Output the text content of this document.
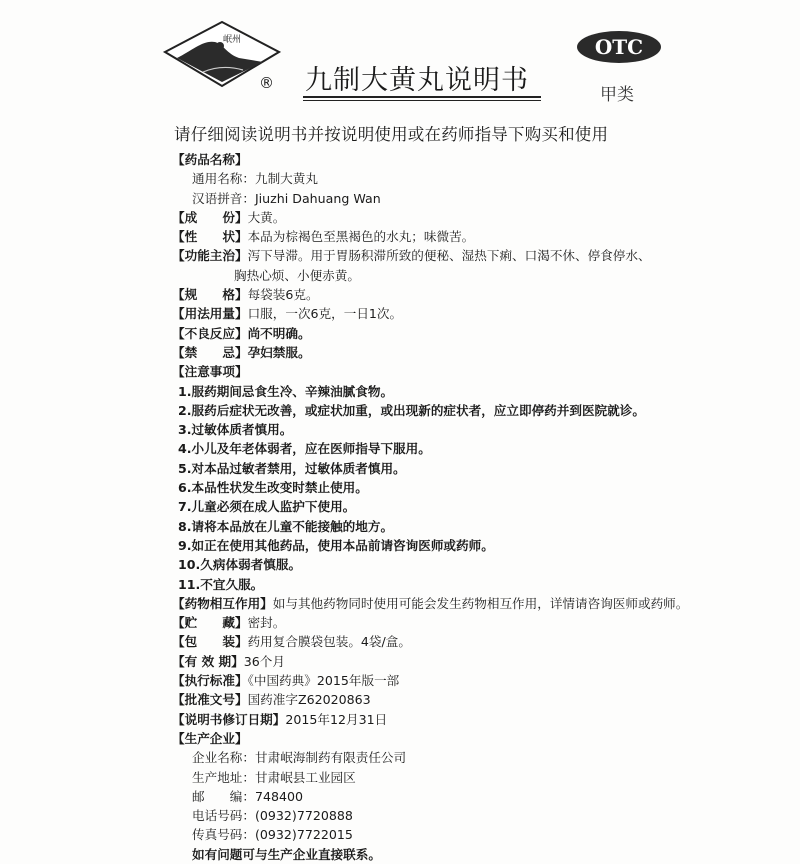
岷州
® 九制大黄丸说明书
OTC
甲类
请仔细阅读说明书并按说明使用或在药师指导下购买和使用
【药品名称】
通用名称：九制大黄丸
汉语拼音：Jiuzhi Dahuang Wan
【成　　份】大黄。
【性　　状】本品为棕褐色至黑褐色的水丸；味微苦。
【功能主治】泻下导滞。用于胃肠积滞所致的便秘、湿热下痢、口渴不休、停食停水、
胸热心烦、小便赤黄。
【规　　格】每袋装6克。
【用法用量】口服，一次6克，一日1次。
【不良反应】尚不明确。
【禁　　忌】孕妇禁服。
【注意事项】
1.服药期间忌食生冷、辛辣油腻食物。
2.服药后症状无改善，或症状加重，或出现新的症状者，应立即停药并到医院就诊。
3.过敏体质者慎用。
4.小儿及年老体弱者，应在医师指导下服用。
5.对本品过敏者禁用，过敏体质者慎用。
6.本品性状发生改变时禁止使用。
7.儿童必须在成人监护下使用。
8.请将本品放在儿童不能接触的地方。
9.如正在使用其他药品，使用本品前请咨询医师或药师。
10.久病体弱者慎服。
11.不宜久服。
【药物相互作用】如与其他药物同时使用可能会发生药物相互作用，详情请咨询医师或药师。
【贮　　藏】密封。
【包　　装】药用复合膜袋包装。4袋/盒。
【有 效 期】36个月
【执行标准】《中国药典》2015年版一部
【批准文号】国药准字Z62020863
【说明书修订日期】2015年12月31日
【生产企业】
企业名称：甘肃岷海制药有限责任公司
生产地址：甘肃岷县工业园区
邮　　编：748400
电话号码：(0932)7720888
传真号码：(0932)7722015
如有问题可与生产企业直接联系。
